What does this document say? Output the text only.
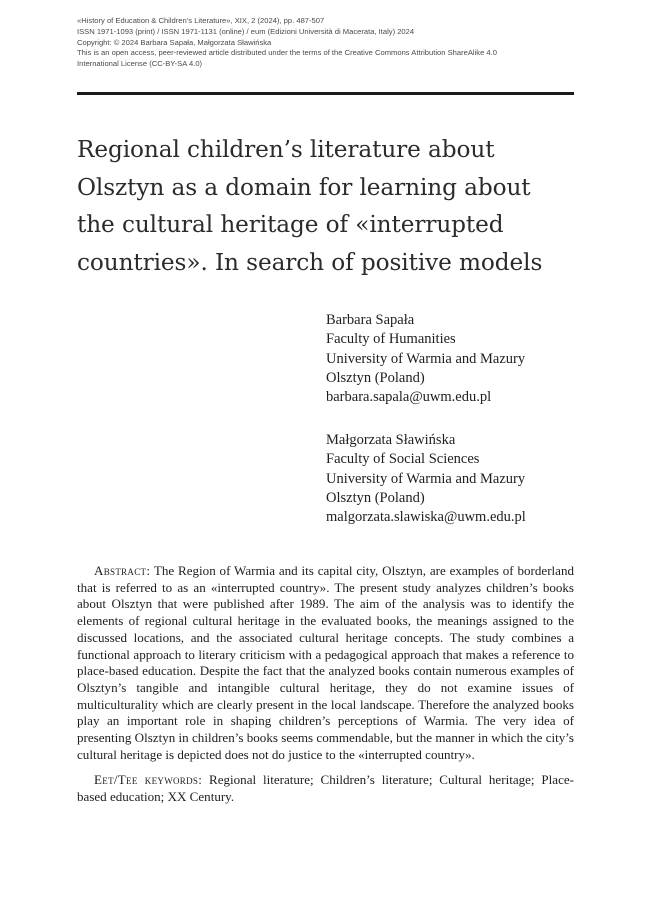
«History of Education & Children’s Literature», XIX, 2 (2024), pp. 487-507
ISSN 1971-1093 (print) / ISSN 1971-1131 (online) / eum (Edizioni Università di Macerata, Italy) 2024
Copyright: © 2024 Barbara Sapała, Małgorzata Sławińska
This is an open access, peer-reviewed article distributed under the terms of the Creative Commons Attribution ShareAlike 4.0
International License (CC-BY-SA 4.0)
Regional children’s literature about
Olsztyn as a domain for learning about
the cultural heritage of «interrupted
countries». In search of positive models
Barbara Sapała
Faculty of Humanities
University of Warmia and Mazury
Olsztyn (Poland)
barbara.sapala@uwm.edu.pl
Małgorzata Sławińska
Faculty of Social Sciences
University of Warmia and Mazury
Olsztyn (Poland)
malgorzata.slawiska@uwm.edu.pl

Abstract: The Region of Warmia and its capital city, Olsztyn, are examples of borderland that is referred to as an «interrupted country». The present study analyzes children’s books about Olsztyn that were published after 1989. The aim of the analysis was to identify the elements of regional cultural heritage in the evaluated books, the meanings assigned to the discussed locations, and the associated cultural heritage concepts. The study combines a functional approach to literary criticism with a pedagogical approach that makes a reference to place-based education. Despite the fact that the analyzed books contain numerous examples of Olsztyn’s tangible and intangible cultural heritage, they do not examine issues of multiculturality which are clearly present in the local landscape. Therefore the analyzed books play an important role in shaping children’s perceptions of Warmia. The very idea of presenting Olsztyn in children’s books seems commendable, but the manner in which the city’s cultural heritage is depicted does not do justice to the «interrupted country».

Eet/Tee keywords: Regional literature; Children’s literature; Cultural heritage; Place-based education; XX Century.
